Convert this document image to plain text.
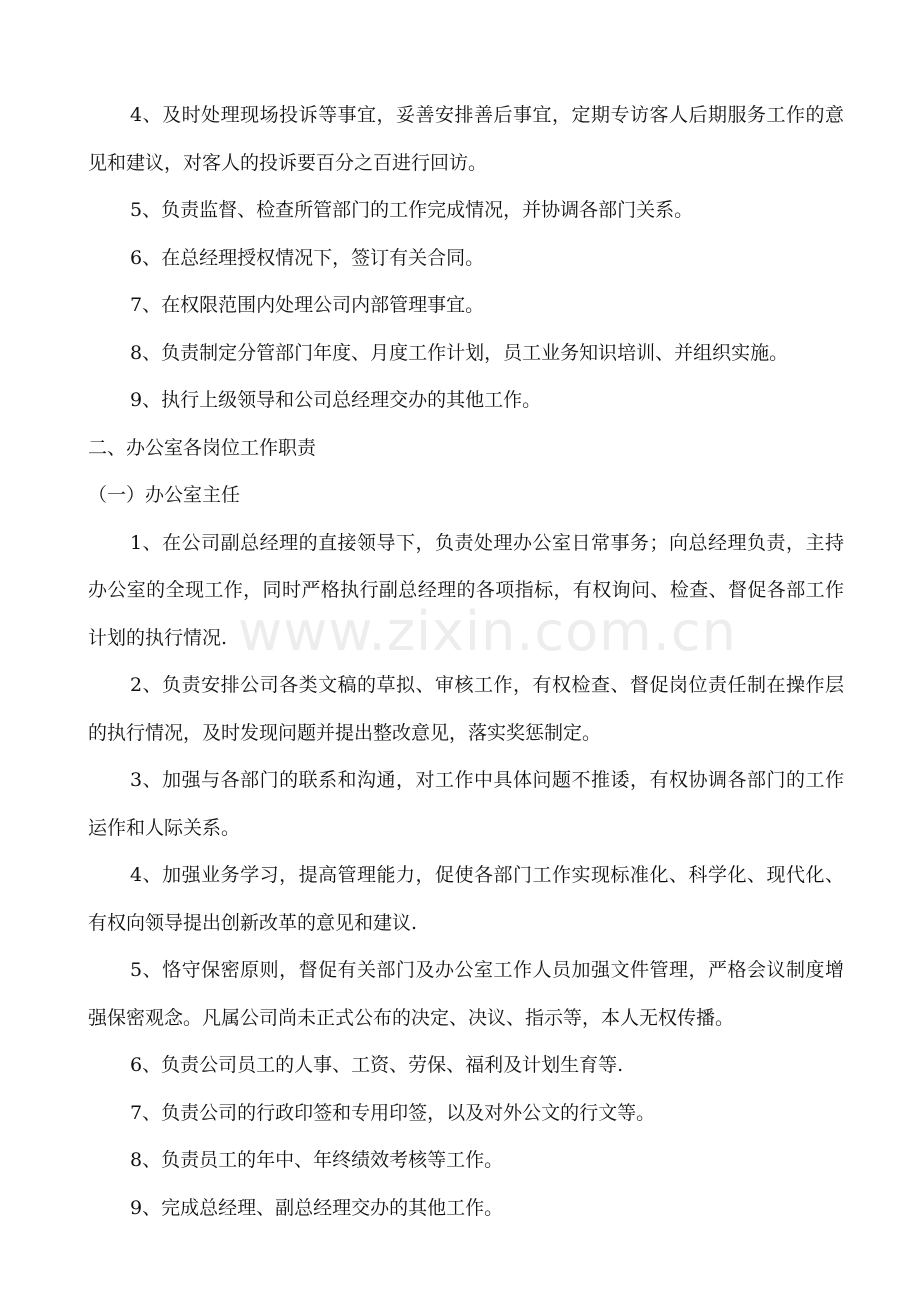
4、及时处理现场投诉等事宜，妥善安排善后事宜，定期专访客人后期服务工作的意见和建议，对客人的投诉要百分之百进行回访。

5、负责监督、检查所管部门的工作完成情况，并协调各部门关系。

6、在总经理授权情况下，签订有关合同。

7、在权限范围内处理公司内部管理事宜。

8、负责制定分管部门年度、月度工作计划，员工业务知识培训、并组织实施。

9、执行上级领导和公司总经理交办的其他工作。

二、办公室各岗位工作职责

（一）办公室主任

1、在公司副总经理的直接领导下，负责处理办公室日常事务；向总经理负责，主持办公室的全现工作，同时严格执行副总经理的各项指标，有权询问、检查、督促各部工作计划的执行情况.

2、负责安排公司各类文稿的草拟、审核工作，有权检查、督促岗位责任制在操作层的执行情况，及时发现问题并提出整改意见，落实奖惩制定。

3、加强与各部门的联系和沟通，对工作中具体问题不推诿，有权协调各部门的工作运作和人际关系。

4、加强业务学习，提高管理能力，促使各部门工作实现标准化、科学化、现代化、有权向领导提出创新改革的意见和建议.

5、恪守保密原则，督促有关部门及办公室工作人员加强文件管理，严格会议制度增强保密观念。凡属公司尚未正式公布的决定、决议、指示等，本人无权传播。

6、负责公司员工的人事、工资、劳保、福利及计划生育等.

7、负责公司的行政印签和专用印签，以及对外公文的行文等。

8、负责员工的年中、年终绩效考核等工作。

9、完成总经理、副总经理交办的其他工作。

www.zixin.com.cn
